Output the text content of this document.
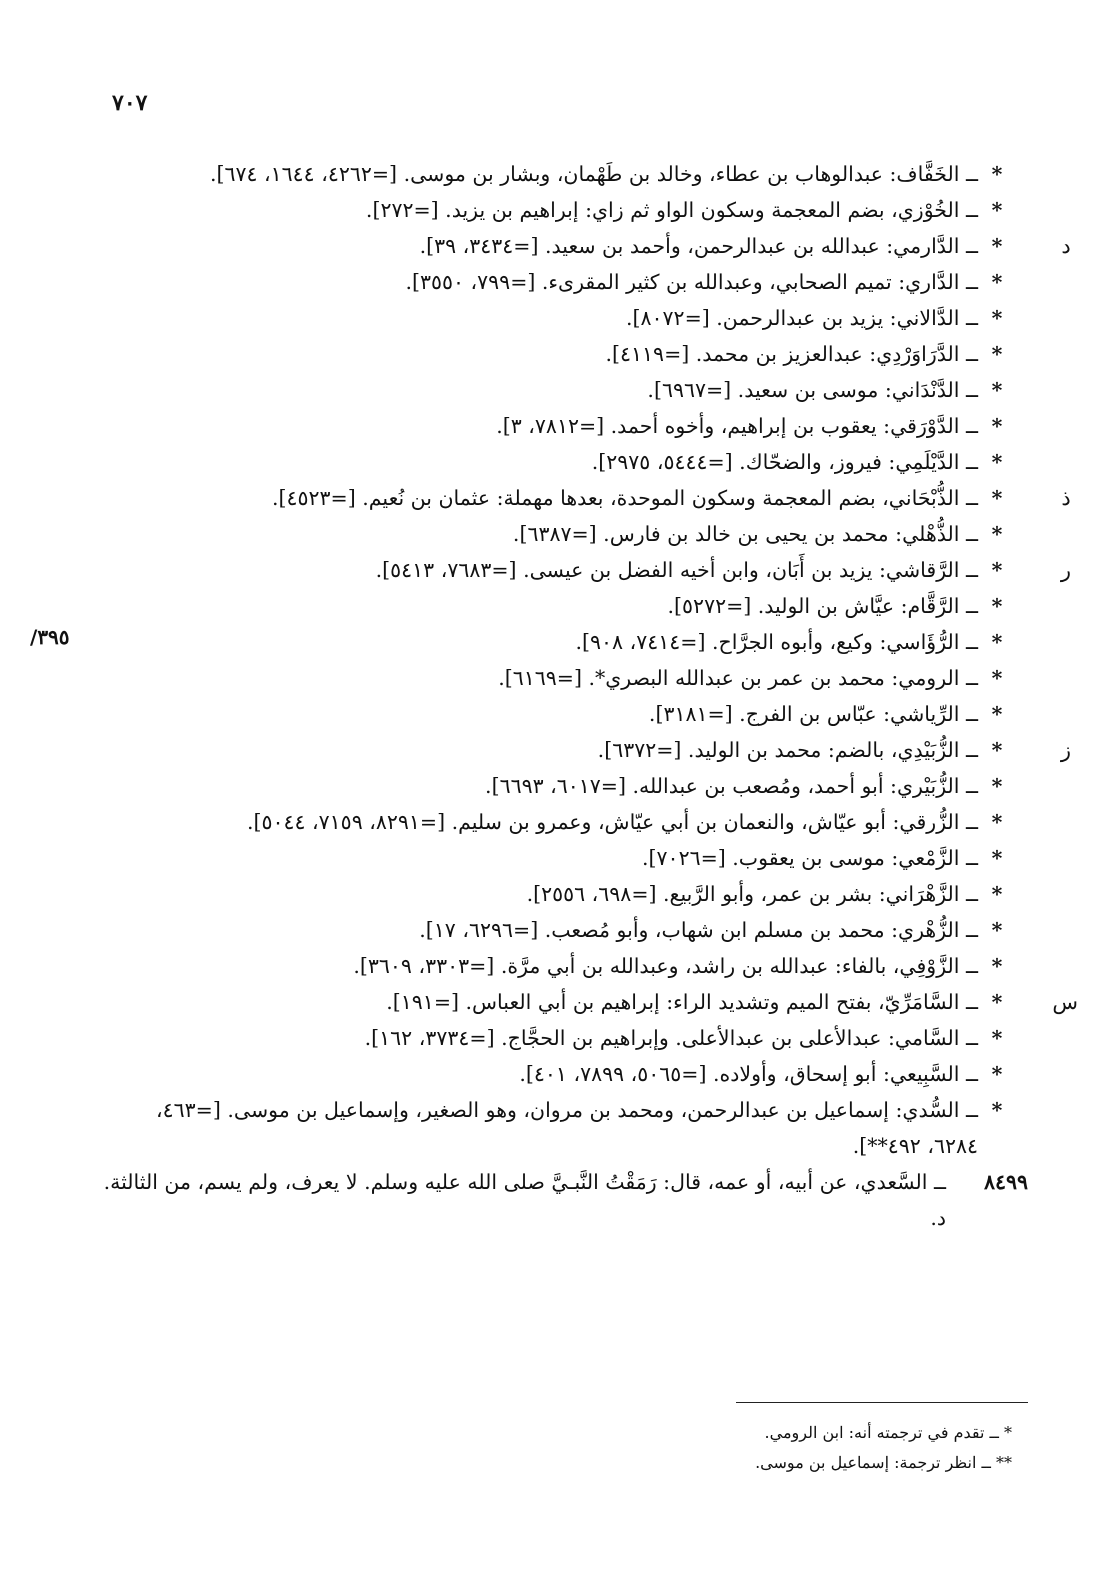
٧٠٧
/٣٩٥
*
ــ الخَفَّاف: عبدالوهاب بن عطاء، وخالد بن طَهْمان، وبشار بن موسى. [=٤٢٦٢، ١٦٤٤، ٦٧٤].
*
ــ الخُوْزي، بضم المعجمة وسكون الواو ثم زاي: إبراهيم بن يزيد. [=٢٧٢].
*	د
ــ الدَّارمي: عبدالله بن عبدالرحمن، وأحمد بن سعيد. [=٣٤٣٤، ٣٩].
*
ــ الدَّاري: تميم الصحابي، وعبدالله بن كثير المقرىء. [=٧٩٩، ٣٥٥٠].
*
ــ الدَّالاني: يزيد بن عبدالرحمن. [=٨٠٧٢].
*
ــ الدَّرَاوَرْدِي: عبدالعزيز بن محمد. [=٤١١٩].
*
ــ الدَّنْدَاني: موسى بن سعيد. [=٦٩٦٧].
*
ــ الدَّوْرَقي: يعقوب بن إبراهيم، وأخوه أحمد. [=٧٨١٢، ٣].
*
ــ الدَّيْلَمِي: فيروز، والضحّاك. [=٥٤٤٤، ٢٩٧٥].
*	ذ
ــ الذُّبْحَاني، بضم المعجمة وسكون الموحدة، بعدها مهملة: عثمان بن نُعيم. [=٤٥٢٣].
*
ــ الذُّهْلي: محمد بن يحيى بن خالد بن فارس. [=٦٣٨٧].
*	ر
ــ الرَّقاشي: يزيد بن أَبَان، وابن أخيه الفضل بن عيسى. [=٧٦٨٣، ٥٤١٣].
*
ــ الرَّقَّام: عيَّاش بن الوليد. [=٥٢٧٢].
*
ــ الرُّؤَاسي: وكيع، وأبوه الجرَّاح. [=٧٤١٤، ٩٠٨].
*
ــ الرومي: محمد بن عمر بن عبدالله البصري*. [=٦١٦٩].
*
ــ الرِّياشي: عبّاس بن الفرج. [=٣١٨١].
*	ز
ــ الزُّبَيْدِي، بالضم: محمد بن الوليد. [=٦٣٧٢].
*
ــ الزُّبَيْري: أبو أحمد، ومُصعب بن عبدالله. [=٦٠١٧، ٦٦٩٣].
*
ــ الزُّرقي: أبو عيّاش، والنعمان بن أبي عيّاش، وعمرو بن سليم. [=٨٢٩١، ٧١٥٩، ٥٠٤٤].
*
ــ الزَّمْعي: موسى بن يعقوب. [=٧٠٢٦].
*
ــ الزَّهْرَاني: بشر بن عمر، وأبو الرَّبيع. [=٦٩٨، ٢٥٥٦].
*
ــ الزُّهْري: محمد بن مسلم ابن شهاب، وأبو مُصعب. [=٦٢٩٦، ١٧].
*
ــ الزَّوْفِي، بالفاء: عبدالله بن راشد، وعبدالله بن أبي مرَّة. [=٣٣٠٣، ٣٦٠٩].
*	س
ــ السَّامَرِّيّ، بفتح الميم وتشديد الراء: إبراهيم بن أبي العباس. [=١٩١].
*
ــ السَّامي: عبدالأعلى بن عبدالأعلى. وإبراهيم بن الحجَّاج. [=٣٧٣٤، ١٦٢].
*
ــ السَّبِيعي: أبو إسحاق، وأولاده. [=٥٠٦٥، ٧٨٩٩، ٤٠١].
*
ــ السُّدي: إسماعيل بن عبدالرحمن، ومحمد بن مروان، وهو الصغير، وإسماعيل بن موسى. [=٤٦٣، ٦٢٨٤، ٤٩٢**].
٨٤٩٩
ــ السَّعدي، عن أبيه، أو عمه، قال: رَمَقْتُ النَّبـيَّ صلى الله عليه وسلم. لا يعرف، ولم يسم، من الثالثة. د.
* ــ تقدم في ترجمته أنه: ابن الرومي.
** ــ انظر ترجمة: إسماعيل بن موسى.
